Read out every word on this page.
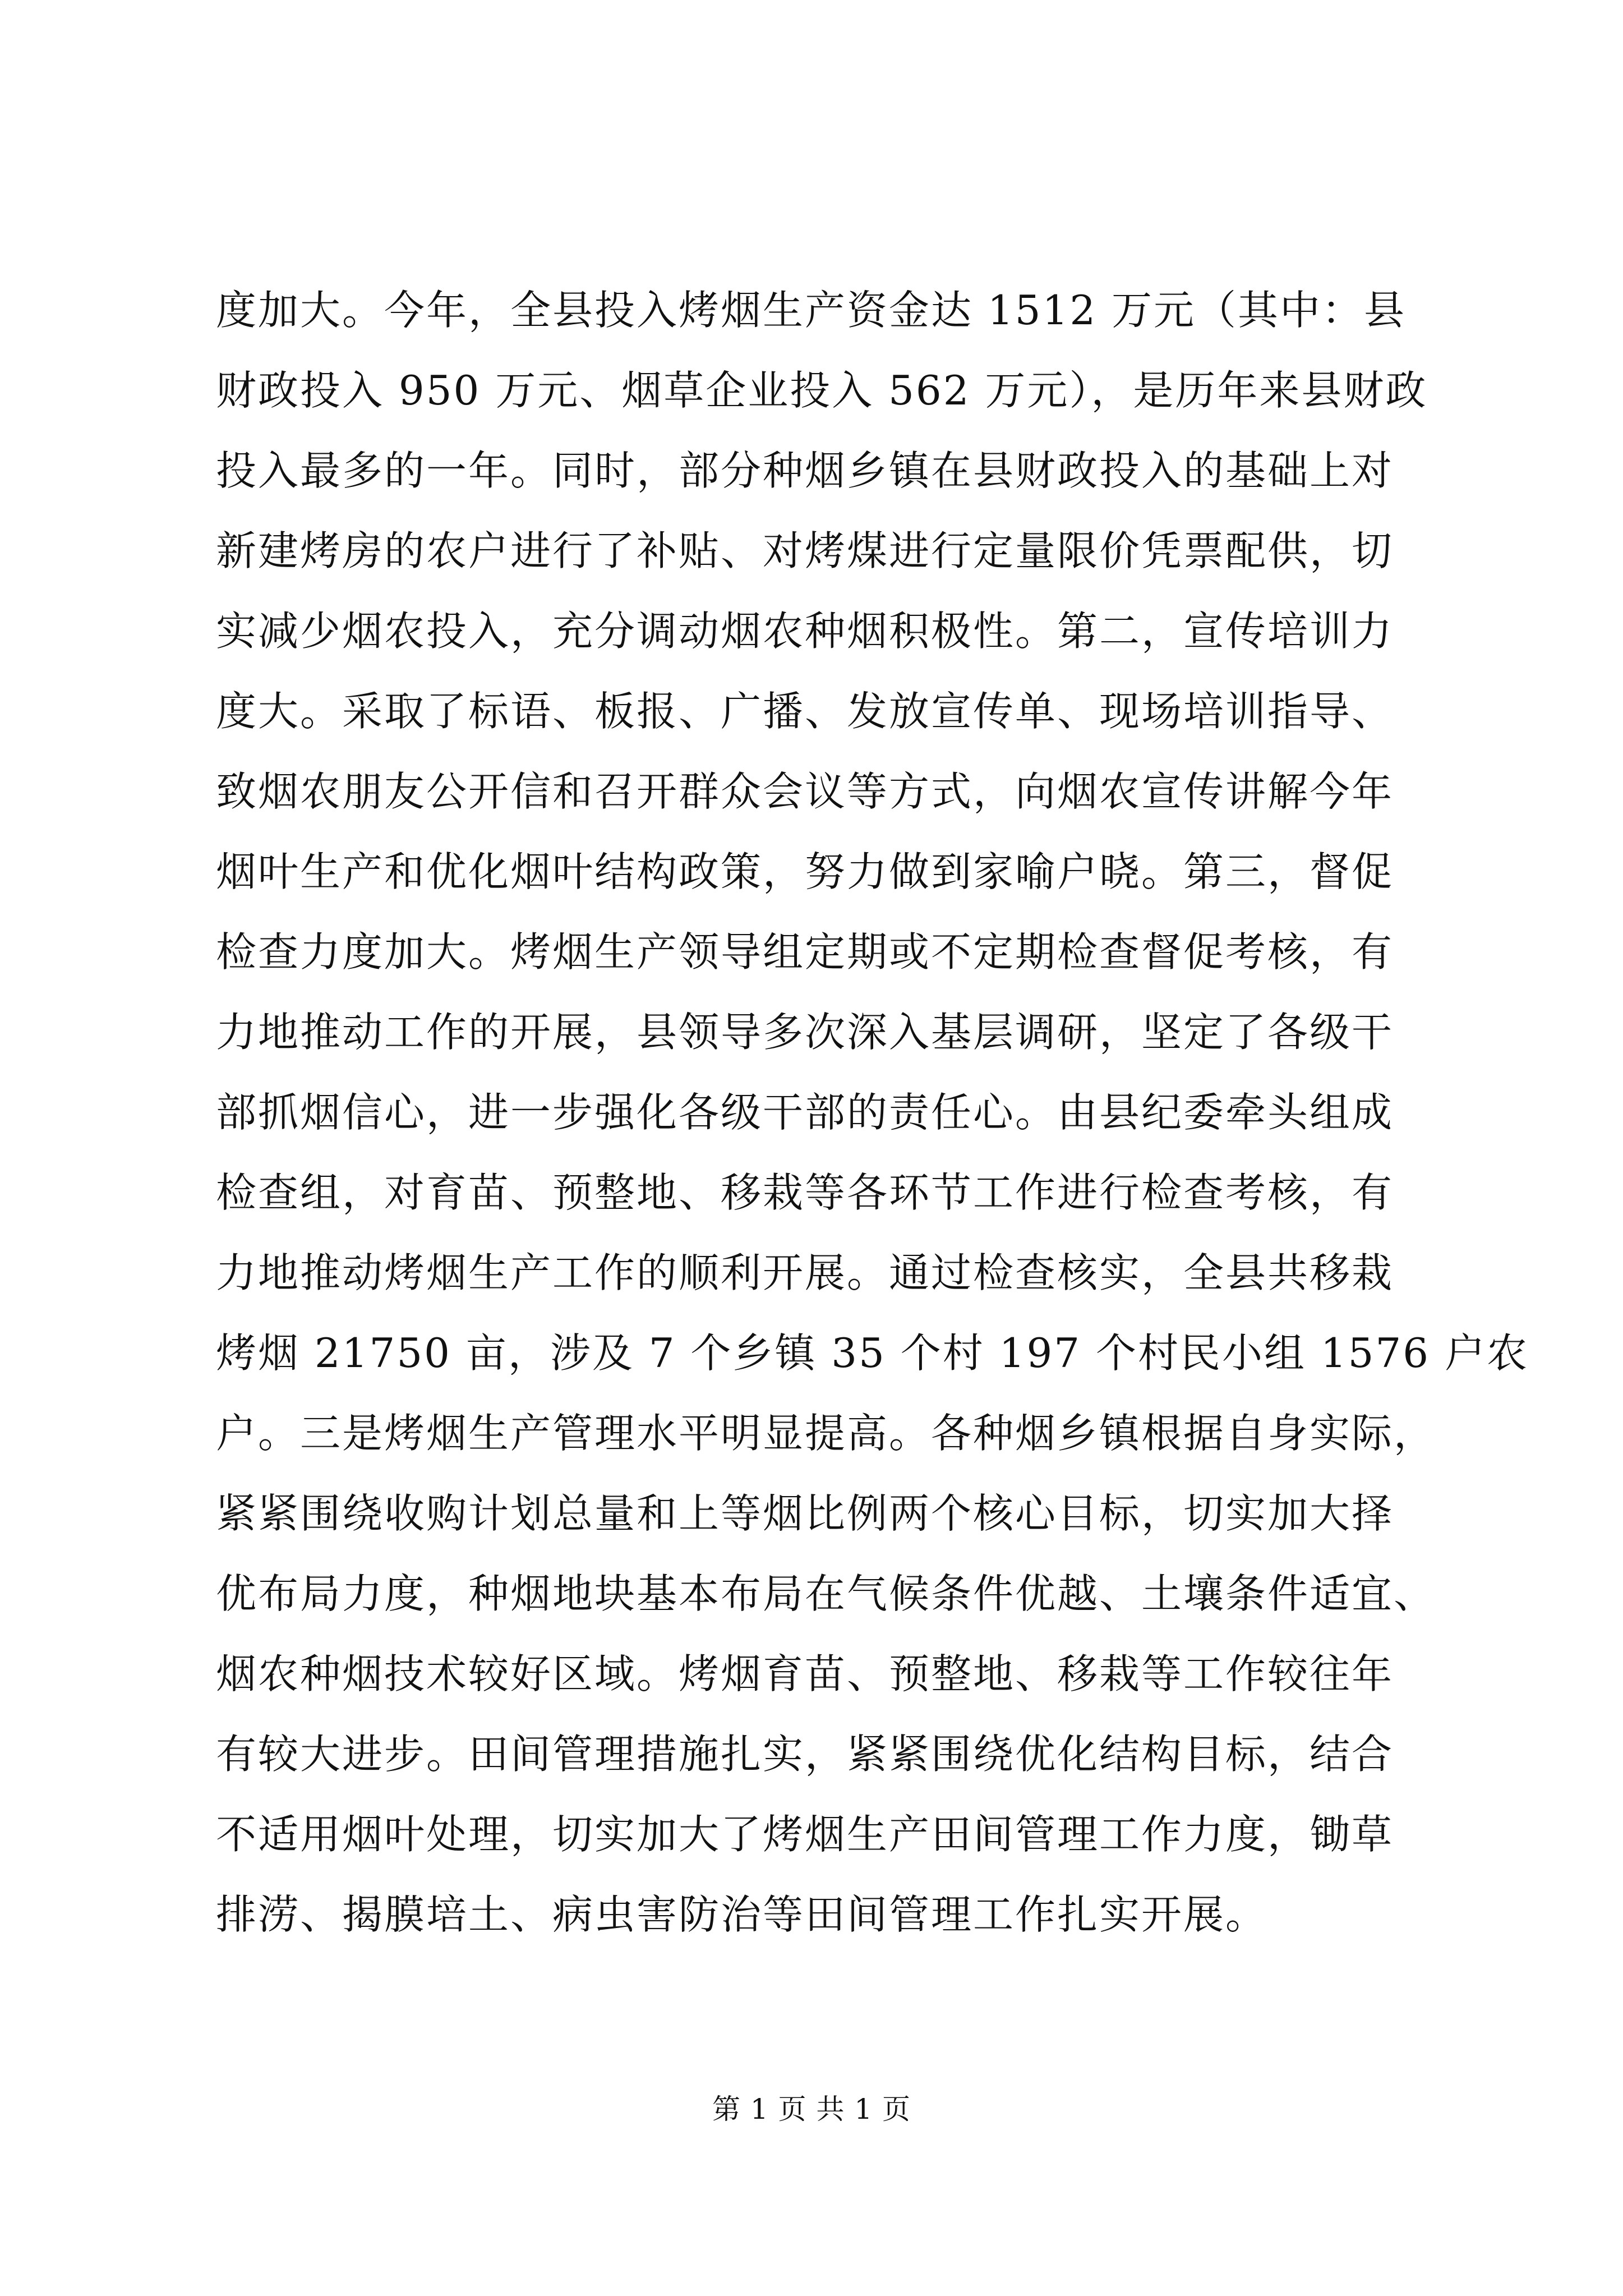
度加大。今年，全县投入烤烟生产资金达 1512 万元（其中：县
财政投入 950 万元、烟草企业投入 562 万元），是历年来县财政
投入最多的一年。同时，部分种烟乡镇在县财政投入的基础上对
新建烤房的农户进行了补贴、对烤煤进行定量限价凭票配供，切
实减少烟农投入，充分调动烟农种烟积极性。第二，宣传培训力
度大。采取了标语、板报、广播、发放宣传单、现场培训指导、
致烟农朋友公开信和召开群众会议等方式，向烟农宣传讲解今年
烟叶生产和优化烟叶结构政策，努力做到家喻户晓。第三，督促
检查力度加大。烤烟生产领导组定期或不定期检查督促考核，有
力地推动工作的开展，县领导多次深入基层调研，坚定了各级干
部抓烟信心，进一步强化各级干部的责任心。由县纪委牵头组成
检查组，对育苗、预整地、移栽等各环节工作进行检查考核，有
力地推动烤烟生产工作的顺利开展。通过检查核实，全县共移栽
烤烟 21750 亩，涉及 7 个乡镇 35 个村 197 个村民小组 1576 户农
户。三是烤烟生产管理水平明显提高。各种烟乡镇根据自身实际，
紧紧围绕收购计划总量和上等烟比例两个核心目标，切实加大择
优布局力度，种烟地块基本布局在气候条件优越、土壤条件适宜、
烟农种烟技术较好区域。烤烟育苗、预整地、移栽等工作较往年
有较大进步。田间管理措施扎实，紧紧围绕优化结构目标，结合
不适用烟叶处理，切实加大了烤烟生产田间管理工作力度，锄草
排涝、揭膜培土、病虫害防治等田间管理工作扎实开展。
第 1 页 共 1 页
